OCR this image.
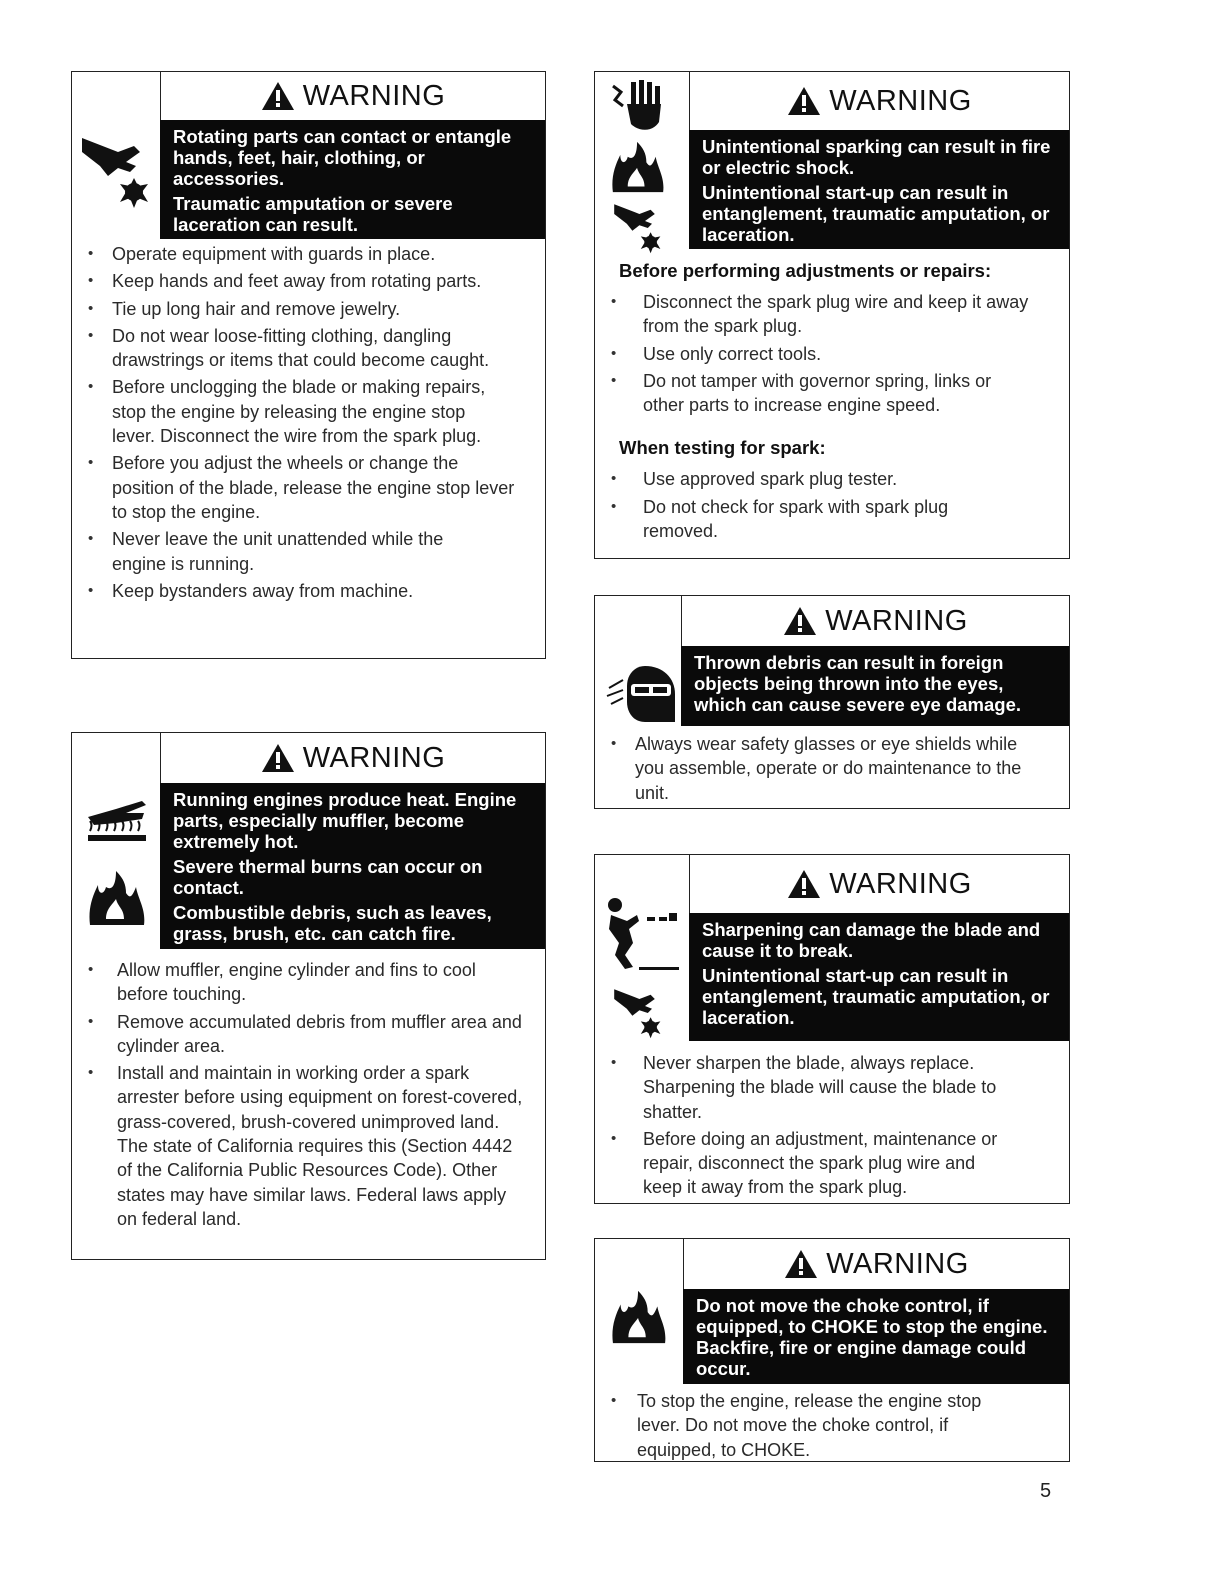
WARNING

Rotating parts can contact or entangle hands, feet, hair, clothing, or accessories.

Traumatic amputation or severe laceration can result.

• Operate equipment with guards in place.
• Keep hands and feet away from rotating parts.
• Tie up long hair and remove jewelry.
• Do not wear loose-fitting clothing, dangling drawstrings or items that could become caught.
• Before unclogging the blade or making repairs, stop the engine by releasing the engine stop lever. Disconnect the wire from the spark plug.
• Before you adjust the wheels or change the position of the blade, release the engine stop lever to stop the engine.
• Never leave the unit unattended while the engine is running.
• Keep bystanders away from machine.
WARNING

Running engines produce heat. Engine parts, especially muffler, become extremely hot.

Severe thermal burns can occur on contact.

Combustible debris, such as leaves, grass, brush, etc. can catch fire.

• Allow muffler, engine cylinder and fins to cool before touching.
• Remove accumulated debris from muffler area and cylinder area.
• Install and maintain in working order a spark arrester before using equipment on forest-covered, grass-covered, brush-covered unimproved land. The state of California requires this (Section 4442 of the California Public Resources Code). Other states may have similar laws. Federal laws apply on federal land.
WARNING

Unintentional sparking can result in fire or electric shock.

Unintentional start-up can result in entanglement, traumatic amputation, or laceration.

Before performing adjustments or repairs:
• Disconnect the spark plug wire and keep it away from the spark plug.
• Use only correct tools.
• Do not tamper with governor spring, links or other parts to increase engine speed.
When testing for spark:
• Use approved spark plug tester.
• Do not check for spark with spark plug removed.
WARNING

Thrown debris can result in foreign objects being thrown into the eyes, which can cause severe eye damage.

• Always wear safety glasses or eye shields while you assemble, operate or do maintenance to the unit.
WARNING

Sharpening can damage the blade and cause it to break.

Unintentional start-up can result in entanglement, traumatic amputation, or laceration.

• Never sharpen the blade, always replace. Sharpening the blade will cause the blade to shatter.
• Before doing an adjustment, maintenance or repair, disconnect the spark plug wire and keep it away from the spark plug.
WARNING

Do not move the choke control, if equipped, to CHOKE to stop the engine. Backfire, fire or engine damage could occur.

• To stop the engine, release the engine stop lever. Do not move the choke control, if equipped, to CHOKE.
5
